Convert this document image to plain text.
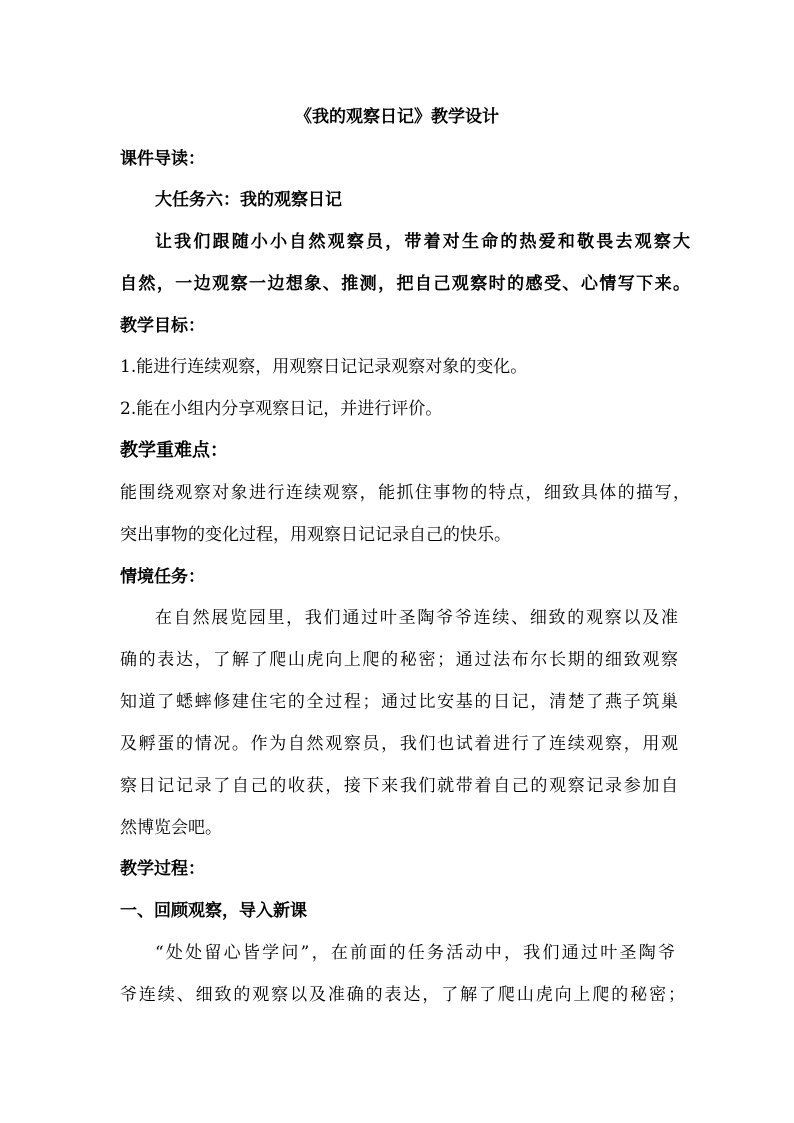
《我的观察日记》教学设计
课件导读：
大任务六：我的观察日记
让我们跟随小小自然观察员，带着对生命的热爱和敬畏去观察大
自然，一边观察一边想象、推测，把自己观察时的感受、心情写下来。
教学目标：
1.能进行连续观察，用观察日记记录观察对象的变化。
2.能在小组内分享观察日记，并进行评价。
教学重难点：
能围绕观察对象进行连续观察，能抓住事物的特点，细致具体的描写，
突出事物的变化过程，用观察日记记录自己的快乐。
情境任务：
在自然展览园里，我们通过叶圣陶爷爷连续、细致的观察以及准
确的表达，了解了爬山虎向上爬的秘密；通过法布尔长期的细致观察
知道了蟋蟀修建住宅的全过程；通过比安基的日记，清楚了燕子筑巢
及孵蛋的情况。作为自然观察员，我们也试着进行了连续观察，用观
察日记记录了自己的收获，接下来我们就带着自己的观察记录参加自
然博览会吧。
教学过程：
一、回顾观察，导入新课
“处处留心皆学问”，在前面的任务活动中，我们通过叶圣陶爷
爷连续、细致的观察以及准确的表达，了解了爬山虎向上爬的秘密；
